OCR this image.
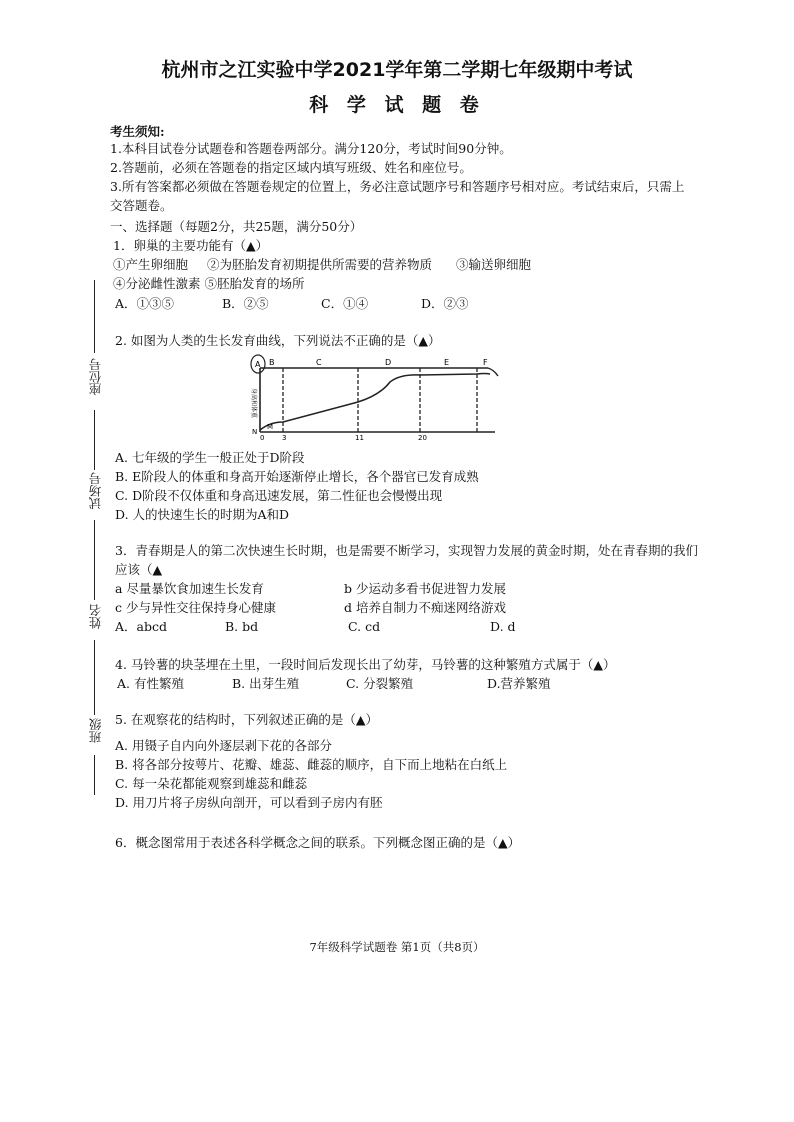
杭州市之江实验中学2021学年第二学期七年级期中考试
科 学 试 题 卷
考生须知:
1.本科目试卷分试题卷和答题卷两部分。满分120分，考试时间90分钟。
2.答题前，必须在答题卷的指定区域内填写班级、姓名和座位号。
3.所有答案都必须做在答题卷规定的位置上，务必注意试题序号和答题序号相对应。考试结束后，只需上
交答题卷。
一、选择题（每题2分，共25题，满分50分）
1．卵巢的主要功能有（▲）
①产生卵细胞 ②为胚胎发育初期提供所需要的营养物质 ③输送卵细胞
④分泌雌性激素 ⑤胚胎发育的场所
A．①③⑤	B．②⑤	C．①④	D．②③
2. 如图为人类的生长发育曲线，下列说法不正确的是（▲）
A B	C	D	E	F
0	3	11	20
N
M
身高和体重
A. 七年级的学生一般正处于D阶段
B. E阶段人的体重和身高开始逐渐停止增长，各个器官已发育成熟
C. D阶段不仅体重和身高迅速发展，第二性征也会慢慢出现
D. 人的快速生长的时期为A和D
3．青春期是人的第二次快速生长时期，也是需要不断学习，实现智力发展的黄金时期，处在青春期的我们
应该（▲
a 尽量暴饮食加速生长发育	b 少运动多看书促进智力发展
c 少与异性交往保持身心健康	d 培养自制力不痴迷网络游戏
A．abcd	B. bd	C. cd	D. d
4. 马铃薯的块茎埋在土里，一段时间后发现长出了幼芽，马铃薯的这种繁殖方式属于（▲）
A. 有性繁殖	B. 出芽生殖	C. 分裂繁殖	D.营养繁殖
5. 在观察花的结构时，下列叙述正确的是（▲）
A. 用镊子自内向外逐层剥下花的各部分
B. 将各部分按萼片、花瓣、雄蕊、雌蕊的顺序，自下而上地粘在白纸上
C. 每一朵花都能观察到雄蕊和雌蕊
D. 用刀片将子房纵向剖开，可以看到子房内有胚
6．概念图常用于表述各科学概念之间的联系。下列概念图正确的是（▲）
座位号
试场号
姓名
班级
7年级科学试题卷 第1页（共8页）
